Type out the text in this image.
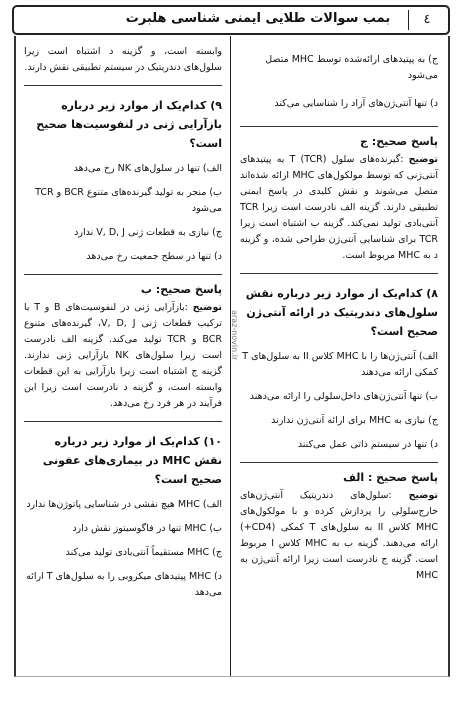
بمب سوالات طلایی ایمنی شناسی هلبرت	٤
araz-novin.ir

ج) به پپتیدهای ارائه‌شده توسط MHC متصل می‌شود

د) تنها آنتی‌ژن‌های آزاد را شناسایی می‌کند

پاسخ صحیح: ج

توضیح :گیرنده‌های سلول T (TCR) به پپتیدهای آنتی‌ژنی که توسط مولکول‌های MHC ارائه شده‌اند متصل می‌شوند و نقش کلیدی در پاسخ ایمنی تطبیقی دارند. گزینه الف نادرست است زیرا TCR آنتی‌بادی تولید نمی‌کند. گزینه ب اشتباه است زیرا TCR برای شناسایی آنتی‌ژن طراحی شده، و گزینه د به MHC مربوط است.

۸) کدام‌یک از موارد زیر درباره نقش سلول‌های دندریتیک در ارائه آنتی‌ژن صحیح است؟

الف) آنتی‌ژن‌ها را با MHC کلاس II به سلول‌های T کمکی ارائه می‌دهند

ب) تنها آنتی‌ژن‌های داخل‌سلولی را ارائه می‌دهند

ج) نیازی به MHC برای ارائه آنتی‌ژن ندارند

د) تنها در سیستم ذاتی عمل می‌کنند

پاسخ صحیح : الف

توضیح :سلول‌های دندریتیک آنتی‌ژن‌های خارج‌سلولی را پردازش کرده و با مولکول‌های MHC کلاس II به سلول‌های T کمکی (CD4+) ارائه می‌دهند. گزینه ب به MHC کلاس I مربوط است. گزینه ج نادرست است زیرا ارائه آنتی‌ژن به MHC

وابسته است، و گزینه د اشتباه است زیرا سلول‌های دندریتیک در سیستم تطبیقی نقش دارند.

۹) کدام‌یک از موارد زیر درباره بازآرایی ژنی در لنفوسیت‌ها صحیح است؟

الف) تنها در سلول‌های NK رخ می‌دهد

ب) منجر به تولید گیرنده‌های متنوع BCR و TCR می‌شود

ج) نیازی به قطعات ژنی V, D, J ندارد

د) تنها در سطح جمعیت رخ می‌دهد

پاسخ صحیح: ب

توضیح :بازآرایی ژنی در لنفوسیت‌های B و T با ترکیب قطعات ژنی V, D, J، گیرنده‌های متنوع BCR و TCR تولید می‌کند. گزینه الف نادرست است زیرا سلول‌های NK بازآرایی ژنی ندارند. گزینه ج اشتباه است زیرا بازآرایی به این قطعات وابسته است، و گزینه د نادرست است زیرا این فرآیند در هر فرد رخ می‌دهد.

۱۰) کدام‌یک از موارد زیر درباره نقش MHC در بیماری‌های عفونی صحیح است؟

الف) MHC هیچ نقشی در شناسایی پاتوژن‌ها ندارد

ب) MHC تنها در فاگوسیتوز نقش دارد

ج) MHC مستقیماً آنتی‌بادی تولید می‌کند

د) MHC پپتیدهای میکروبی را به سلول‌های T ارائه می‌دهد
